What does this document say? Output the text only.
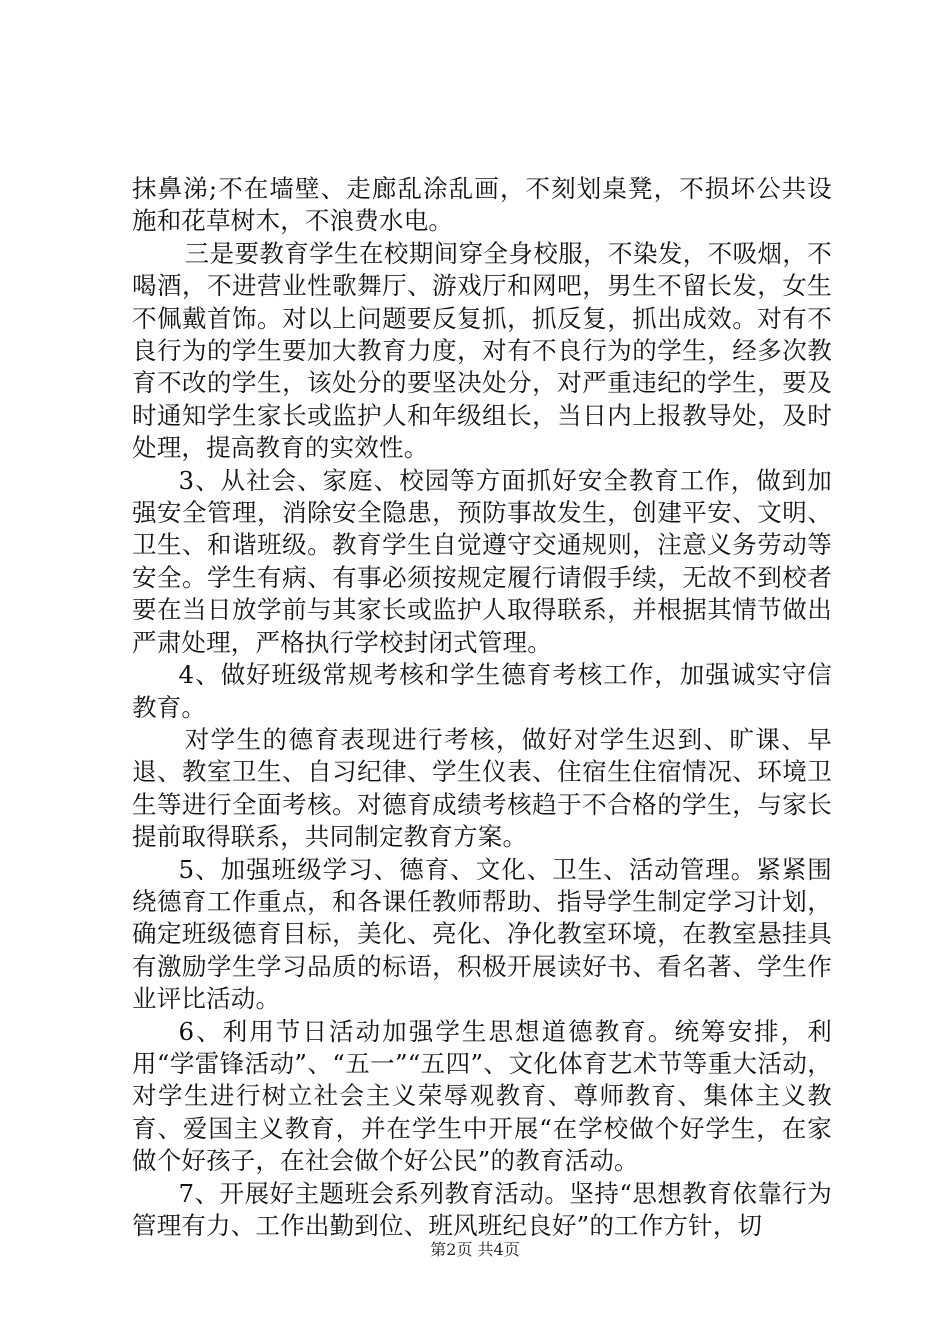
抹鼻涕;不在墙壁、走廊乱涂乱画，不刻划桌凳，不损坏公共设施和花草树木，不浪费水电。

三是要教育学生在校期间穿全身校服，不染发，不吸烟，不喝酒，不进营业性歌舞厅、游戏厅和网吧，男生不留长发，女生不佩戴首饰。对以上问题要反复抓，抓反复，抓出成效。对有不良行为的学生要加大教育力度，对有不良行为的学生，经多次教育不改的学生，该处分的要坚决处分，对严重违纪的学生，要及时通知学生家长或监护人和年级组长，当日内上报教导处，及时处理，提高教育的实效性。

3、从社会、家庭、校园等方面抓好安全教育工作，做到加强安全管理，消除安全隐患，预防事故发生，创建平安、文明、卫生、和谐班级。教育学生自觉遵守交通规则，注意义务劳动等安全。学生有病、有事必须按规定履行请假手续，无故不到校者要在当日放学前与其家长或监护人取得联系，并根据其情节做出严肃处理，严格执行学校封闭式管理。

4、做好班级常规考核和学生德育考核工作，加强诚实守信教育。

对学生的德育表现进行考核，做好对学生迟到、旷课、早退、教室卫生、自习纪律、学生仪表、住宿生住宿情况、环境卫生等进行全面考核。对德育成绩考核趋于不合格的学生，与家长提前取得联系，共同制定教育方案。

5、加强班级学习、德育、文化、卫生、活动管理。紧紧围绕德育工作重点，和各课任教师帮助、指导学生制定学习计划，确定班级德育目标，美化、亮化、净化教室环境，在教室悬挂具有激励学生学习品质的标语，积极开展读好书、看名著、学生作业评比活动。

6、利用节日活动加强学生思想道德教育。统筹安排，利用“学雷锋活动”、“五一”“五四”、文化体育艺术节等重大活动，对学生进行树立社会主义荣辱观教育、尊师教育、集体主义教育、爱国主义教育，并在学生中开展“在学校做个好学生，在家做个好孩子，在社会做个好公民”的教育活动。

7、开展好主题班会系列教育活动。坚持“思想教育依靠行为管理有力、工作出勤到位、班风班纪良好”的工作方针，切

第2页 共4页
